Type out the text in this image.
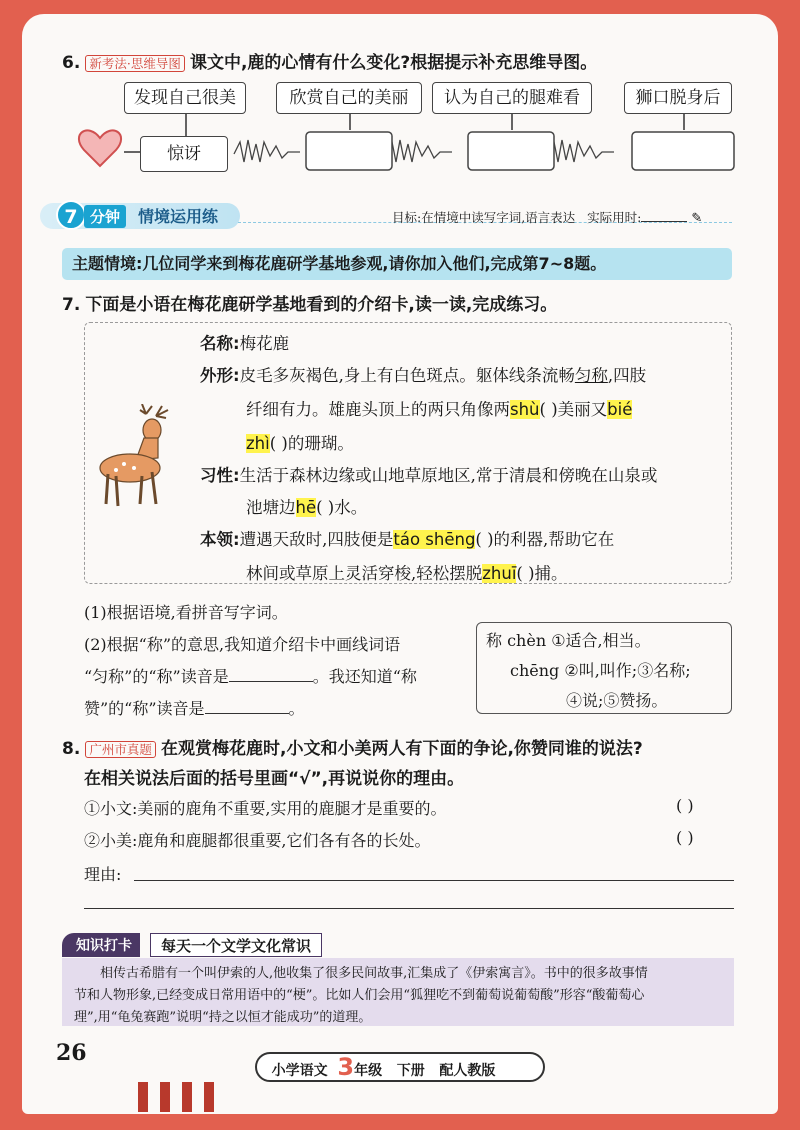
6. 新考法·思维导图 课文中,鹿的心情有什么变化?根据提示补充思维导图。
发现自己很美	欣赏自己的美丽	认为自己的腿难看	狮口脱身后
惊讶
7 分钟	情境运用练	目标:在情境中读写字词,语言表达 实际用时:	✎
主题情境:几位同学来到梅花鹿研学基地参观,请你加入他们,完成第7~8题。
7. 下面是小语在梅花鹿研学基地看到的介绍卡,读一读,完成练习。
名称:梅花鹿
外形:皮毛多灰褐色,身上有白色斑点。躯体线条流畅匀称,四肢
纤细有力。雄鹿头顶上的两只角像两shù( )美丽又bié
zhì( )的珊瑚。
习性:生活于森林边缘或山地草原地区,常于清晨和傍晚在山泉或
池塘边hē( )水。
本领:遭遇天敌时,四肢便是táo shēng( )的利器,帮助它在
林间或草原上灵活穿梭,轻松摆脱zhuī( )捕。
(1)根据语境,看拼音写字词。
(2)根据“称”的意思,我知道介绍卡中画线词语
“匀称”的“称”读音是	。我还知道“称
赞”的“称”读音是	。
称 chèn ①适合,相当。
chēng ②叫,叫作;③名称;
④说;⑤赞扬。
8. 广州市真题 在观赏梅花鹿时,小文和小美两人有下面的争论,你赞同谁的说法?
在相关说法后面的括号里画“√”,再说说你的理由。
①小文:美丽的鹿角不重要,实用的鹿腿才是重要的。	( )
②小美:鹿角和鹿腿都很重要,它们各有各的长处。	( )
理由:
知识打卡	每天一个文学文化常识
相传古希腊有一个叫伊索的人,他收集了很多民间故事,汇集成了《伊索寓言》。书中的很多故事情
节和人物形象,已经变成日常用语中的“梗”。比如人们会用“狐狸吃不到葡萄说葡萄酸”形容“酸葡萄心
理”,用“龟兔赛跑”说明“持之以恒才能成功”的道理。
26
小学语文 3年级 下册 配人教版
